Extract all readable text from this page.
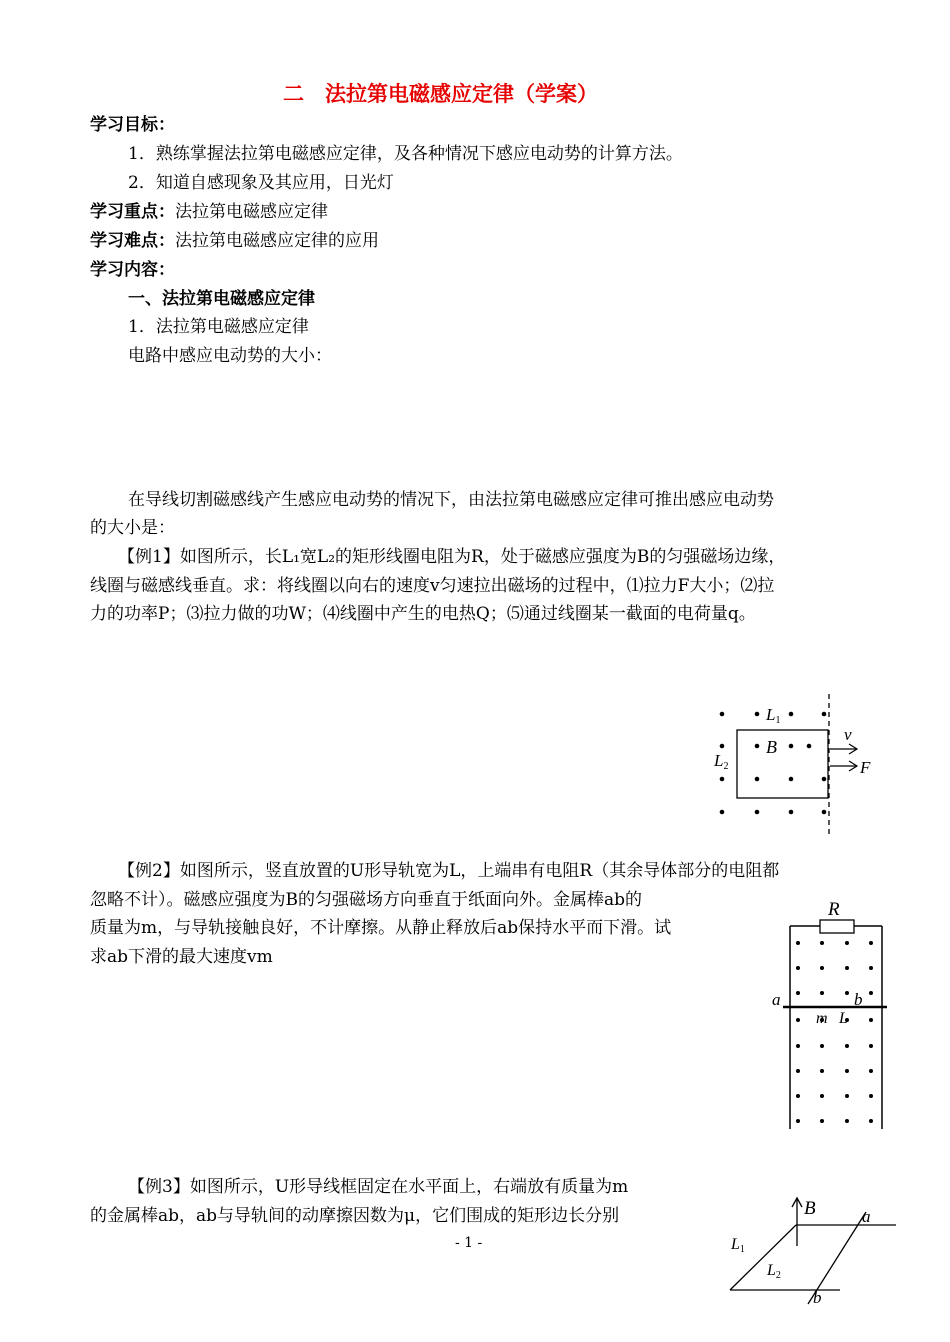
二　法拉第电磁感应定律（学案）
学习目标：
1．熟练掌握法拉第电磁感应定律，及各种情况下感应电动势的计算方法。
2．知道自感现象及其应用，日光灯
学习重点：法拉第电磁感应定律
学习难点：法拉第电磁感应定律的应用
学习内容：
一、法拉第电磁感应定律
1．法拉第电磁感应定律
电路中感应电动势的大小：
在导线切割磁感线产生感应电动势的情况下，由法拉第电磁感应定律可推出感应电动势
的大小是：
【例1】如图所示，长L₁宽L₂的矩形线圈电阻为R，处于磁感应强度为B的匀强磁场边缘，
线圈与磁感线垂直。求：将线圈以向右的速度v匀速拉出磁场的过程中，⑴拉力F大小；⑵拉
力的功率P；⑶拉力做的功W；⑷线圈中产生的电热Q；⑸通过线圈某一截面的电荷量q。
L1
B
L2
v
F
【例2】如图所示，竖直放置的U形导轨宽为L，上端串有电阻R（其余导体部分的电阻都
忽略不计）。磁感应强度为B的匀强磁场方向垂直于纸面向外。金属棒ab的
质量为m，与导轨接触良好，不计摩擦。从静止释放后ab保持水平而下滑。试
求ab下滑的最大速度vm
R
a	b
m L
【例3】如图所示，U形导线框固定在水平面上，右端放有质量为m
的金属棒ab，ab与导轨间的动摩擦因数为μ，它们围成的矩形边长分别	B	a
b
L1
L2
- 1 -
